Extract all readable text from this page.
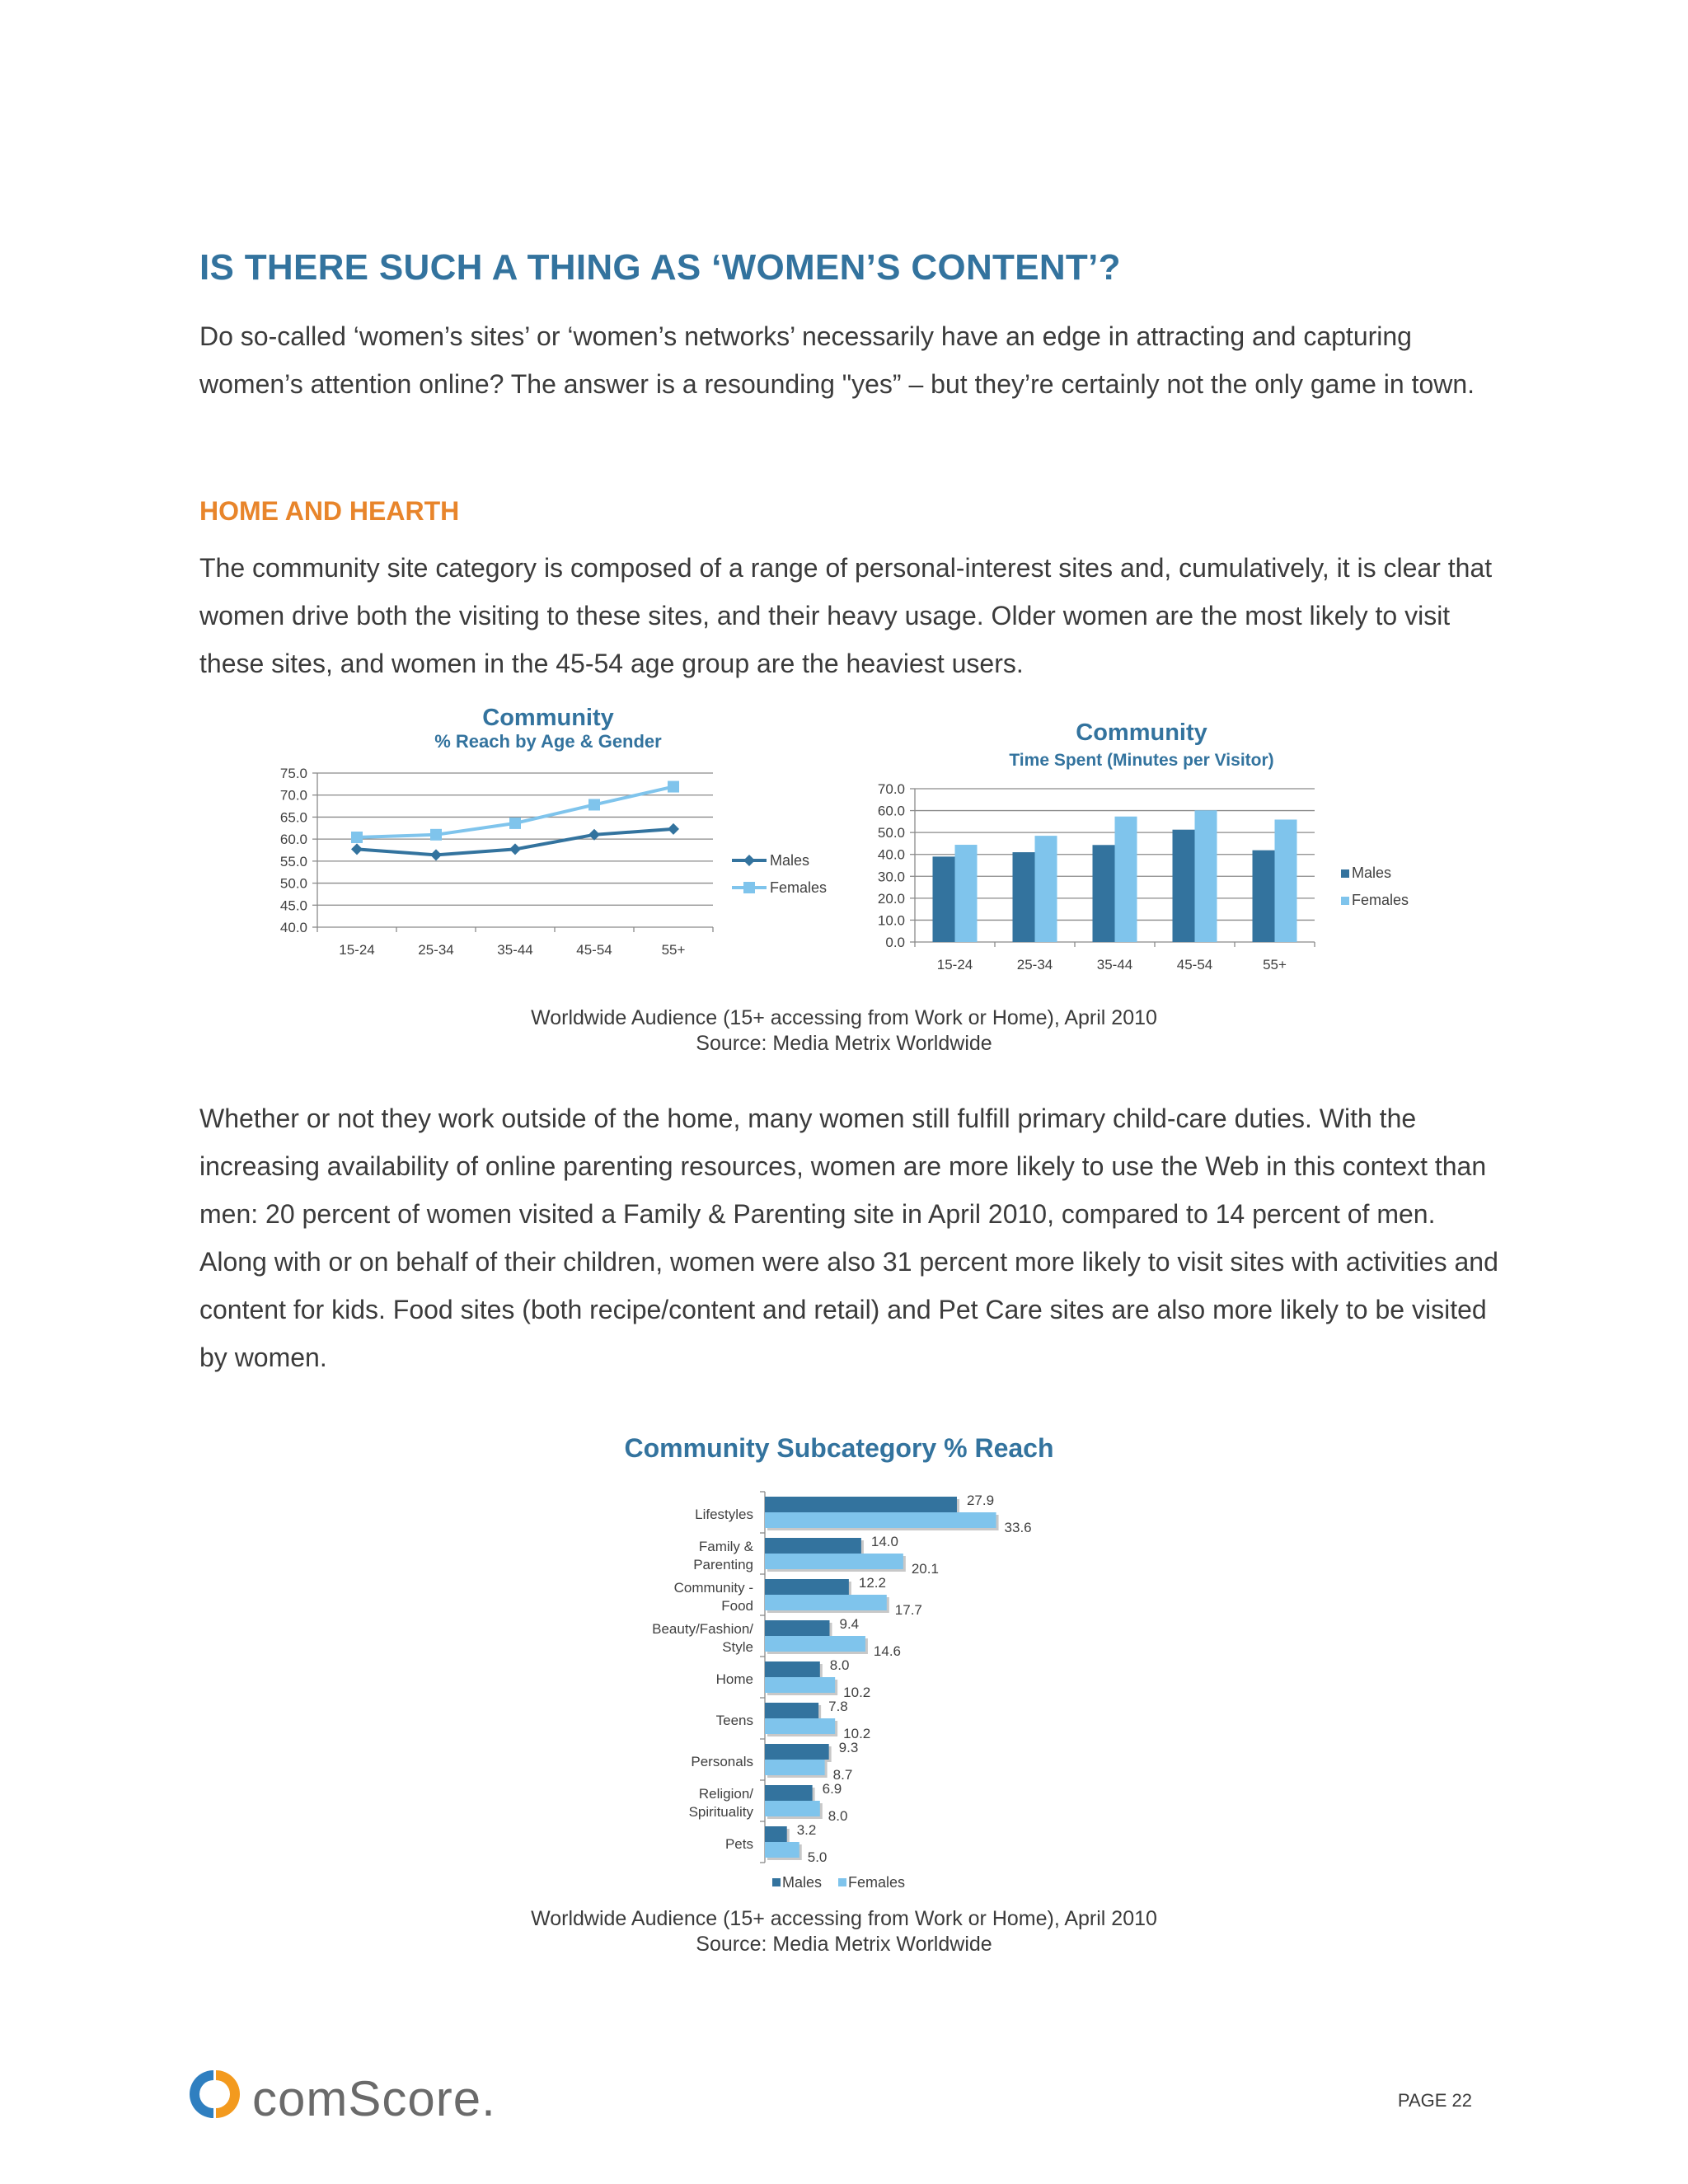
IS THERE SUCH A THING AS ‘WOMEN’S CONTENT’?
Do so-called ‘women’s sites’ or ‘women’s networks’ necessarily have an edge in attracting and capturing women’s attention online? The answer is a resounding "yes” – but they’re certainly not the only game in town.
HOME AND HEARTH
The community site category is composed of a range of personal-interest sites and, cumulatively, it is clear that women drive both the visiting to these sites, and their heavy usage. Older women are the most likely to visit these sites, and women in the 45-54 age group are the heaviest users.
Community
% Reach by Age & Gender
75.0
70.0
65.0
60.0
55.0
50.0
45.0
40.0
15-24	25-34	35-44	45-54	55+
Males
Females
Community
Time Spent (Minutes per Visitor)
70.0
60.0
50.0
40.0
30.0
20.0
10.0
0.0
15-24	25-34	35-44	45-54	55+
Males
Females
Worldwide Audience (15+ accessing from Work or Home), April 2010
Source: Media Metrix Worldwide
Whether or not they work outside of the home, many women still fulfill primary child-care duties. With the increasing availability of online parenting resources, women are more likely to use the Web in this context than men: 20 percent of women visited a Family & Parenting site in April 2010, compared to 14 percent of men. Along with or on behalf of their children, women were also 31 percent more likely to visit sites with activities and content for kids. Food sites (both recipe/content and retail) and Pet Care sites are also more likely to be visited by women.
Community Subcategory % Reach
27.9
33.6
Lifestyles
14.0
20.1
Family &
Parenting
12.2
17.7
Community -
Food
9.4
14.6
Beauty/Fashion/
Style
8.0
10.2
Home
7.8
10.2
Teens
9.3
8.7
Personals
6.9
8.0
Religion/
Spirituality
3.2
5.0
Pets
Males Females
Worldwide Audience (15+ accessing from Work or Home), April 2010
Source: Media Metrix Worldwide
comScore.	PAGE 22
